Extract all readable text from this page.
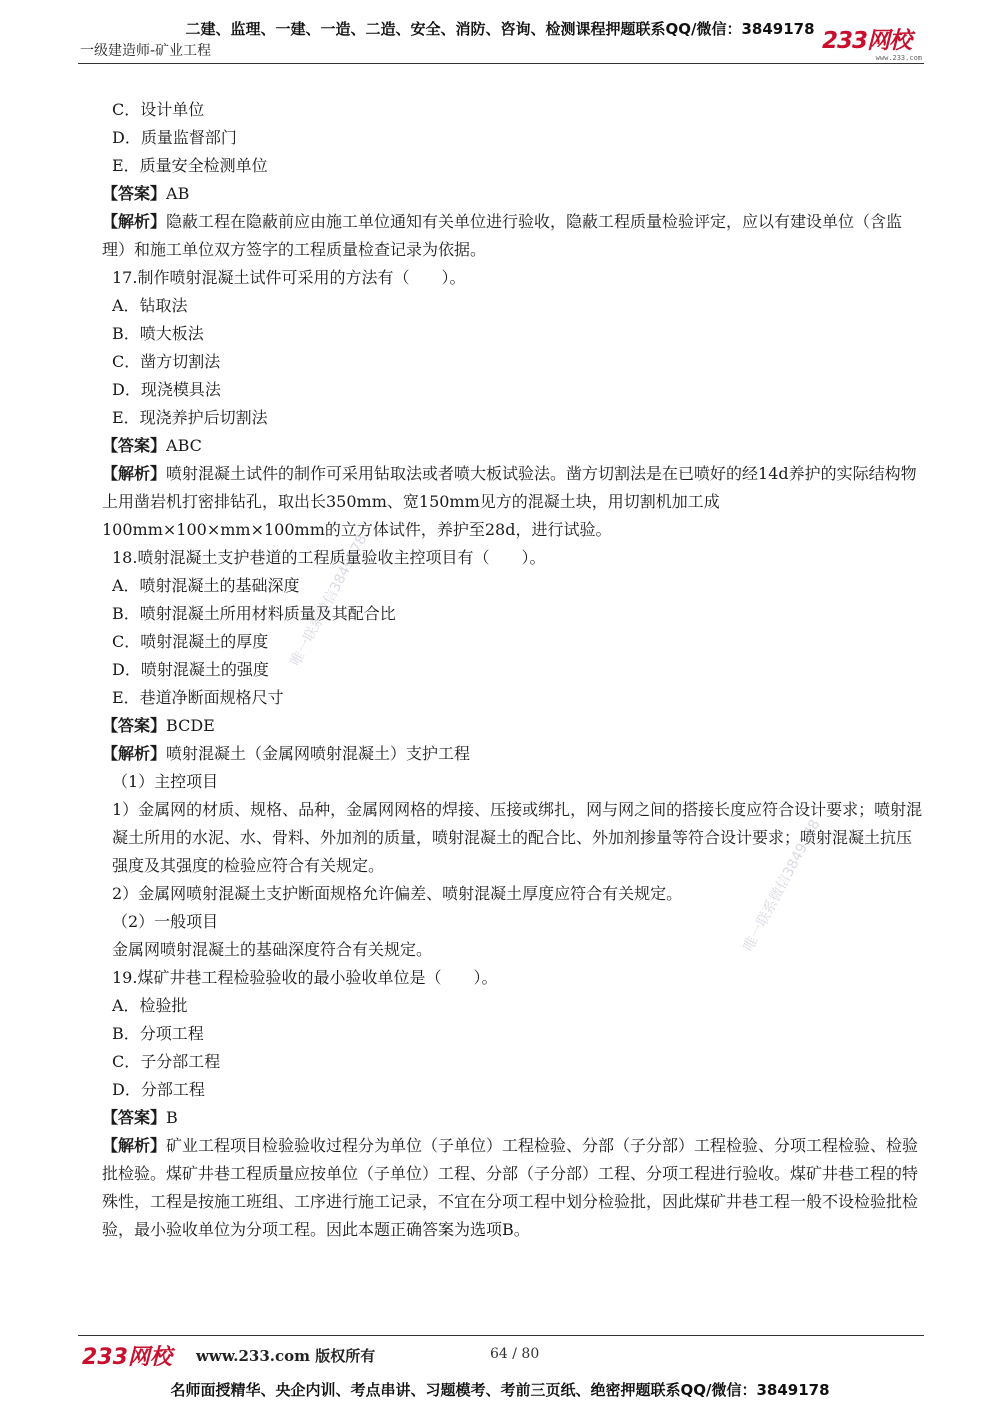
二建、监理、一建、一造、二造、安全、消防、咨询、检测课程押题联系QQ/微信：3849178
一级建造师-矿业工程	233网校
www.233.com

C．设计单位

D．质量监督部门

E．质量安全检测单位

【答案】AB

【解析】隐蔽工程在隐蔽前应由施工单位通知有关单位进行验收，隐蔽工程质量检验评定，应以有建设单位（含监理）和施工单位双方签字的工程质量检查记录为依据。

17.制作喷射混凝土试件可采用的方法有（　　）。

A．钻取法

B．喷大板法

C．凿方切割法

D．现浇模具法

E．现浇养护后切割法

【答案】ABC

【解析】喷射混凝土试件的制作可采用钻取法或者喷大板试验法。凿方切割法是在已喷好的经14d养护的实际结构物上用凿岩机打密排钻孔，取出长350mm、宽150mm见方的混凝土块，用切割机加工成100mm×100×mm×100mm的立方体试件，养护至28d，进行试验。

18.喷射混凝土支护巷道的工程质量验收主控项目有（　　）。

A．喷射混凝土的基础深度

B．喷射混凝土所用材料质量及其配合比

C．喷射混凝土的厚度

D．喷射混凝土的强度

E．巷道净断面规格尺寸

【答案】BCDE

【解析】喷射混凝土（金属网喷射混凝土）支护工程

（1）主控项目

1）金属网的材质、规格、品种，金属网网格的焊接、压接或绑扎，网与网之间的搭接长度应符合设计要求；喷射混凝土所用的水泥、水、骨料、外加剂的质量，喷射混凝土的配合比、外加剂掺量等符合设计要求；喷射混凝土抗压强度及其强度的检验应符合有关规定。

2）金属网喷射混凝土支护断面规格允许偏差、喷射混凝土厚度应符合有关规定。

（2）一般项目

金属网喷射混凝土的基础深度符合有关规定。

19.煤矿井巷工程检验验收的最小验收单位是（　　）。

A．检验批

B．分项工程

C．子分部工程

D．分部工程

【答案】B

【解析】矿业工程项目检验验收过程分为单位（子单位）工程检验、分部（子分部）工程检验、分项工程检验、检验批检验。煤矿井巷工程质量应按单位（子单位）工程、分部（子分部）工程、分项工程进行验收。煤矿井巷工程的特殊性，工程是按施工班组、工序进行施工记录，不宜在分项工程中划分检验批，因此煤矿井巷工程一般不设检验批检验，最小验收单位为分项工程。因此本题正确答案为选项B。

唯一联系微信3849178
唯一联系微信3849178
233网校 www.233.com 版权所有	64 / 80
名师面授精华、央企内训、考点串讲、习题模考、考前三页纸、绝密押题联系QQ/微信：3849178
